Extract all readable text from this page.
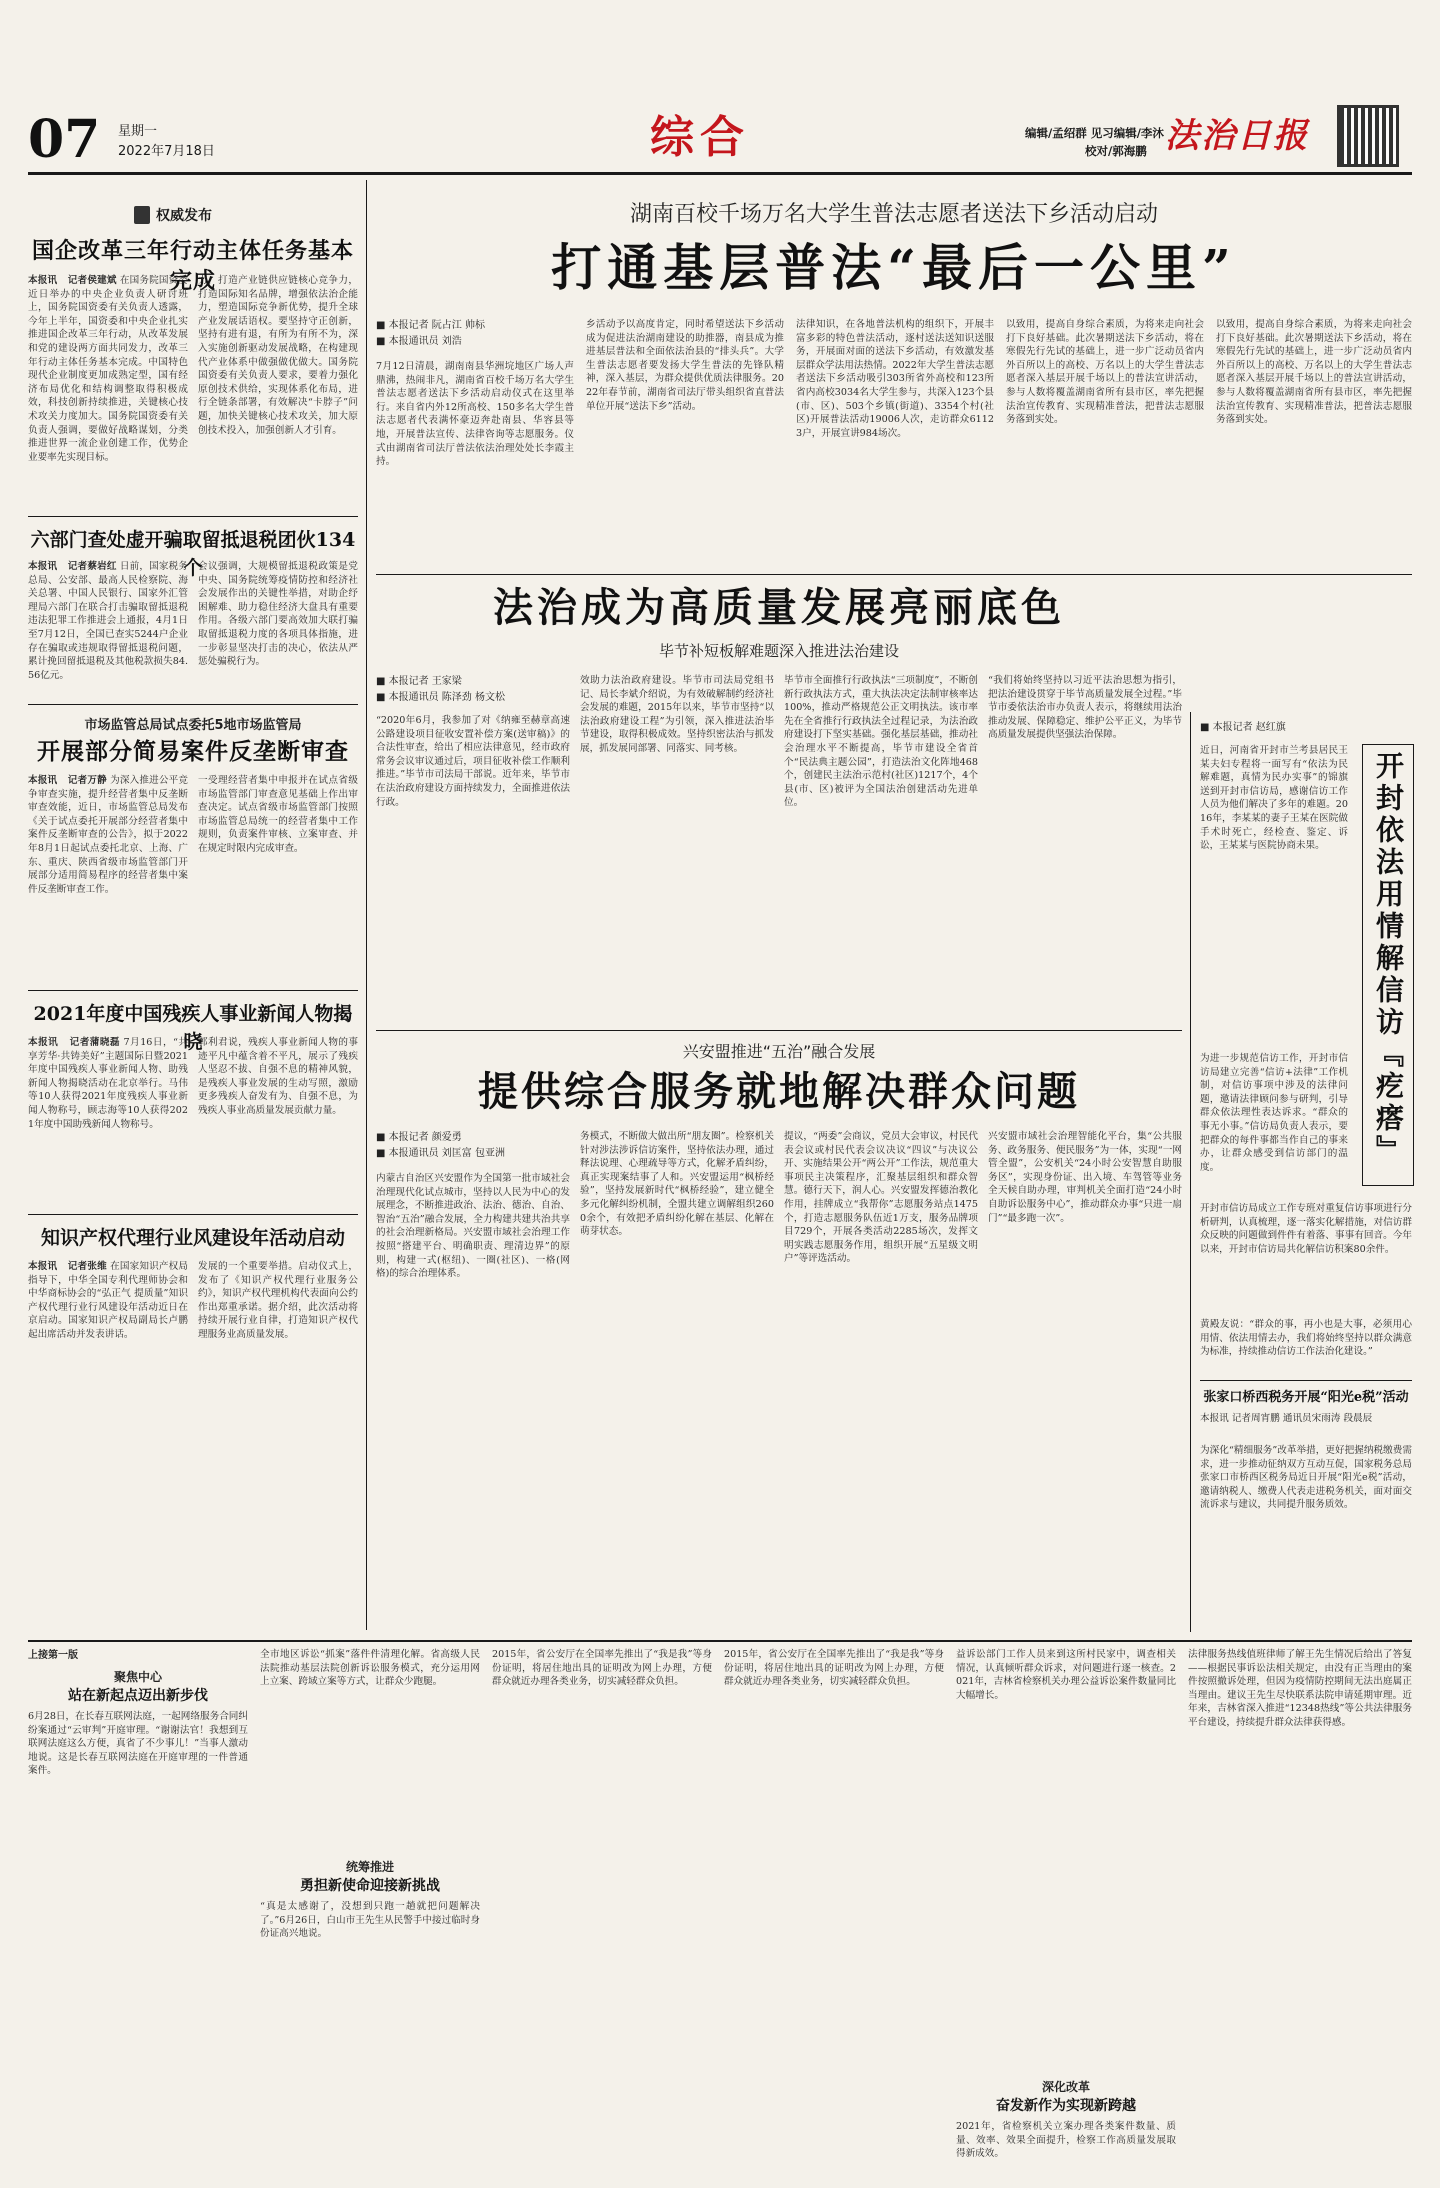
07 星期一
2022年7月18日	综合	编辑/孟绍群 见习编辑/李沐
校对/郭海鹏 法治日报
权威发布
国企改革三年行动主体任务基本完成
本报讯   记者侯建斌 在国务院国资委近日举办的中央企业负责人研讨班上，国务院国资委有关负责人透露，今年上半年，国资委和中央企业扎实推进国企改革三年行动，从改革发展和党的建设两方面共同发力，改革三年行动主体任务基本完成。中国特色现代企业制度更加成熟定型，国有经济布局优化和结构调整取得积极成效，科技创新持续推进，关键核心技术攻关力度加大。国务院国资委有关负责人强调，要做好战略谋划，分类推进世界一流企业创建工作，优势企业要率先实现目标。
力，打造产业链供应链核心竞争力，打造国际知名品牌，增强依法治企能力，塑造国际竞争新优势，提升全球产业发展话语权。要坚持守正创新，坚持有进有退，有所为有所不为，深入实施创新驱动发展战略，在构建现代产业体系中做强做优做大。国务院国资委有关负责人要求，要着力强化原创技术供给，实现体系化布局，进行全链条部署，有效解决“卡脖子”问题，加快关键核心技术攻关，加大原创技术投入，加强创新人才引育。
六部门查处虚开骗取留抵退税团伙134个
本报讯   记者蔡岩红 日前，国家税务总局、公安部、最高人民检察院、海关总署、中国人民银行、国家外汇管理局六部门在联合打击骗取留抵退税违法犯罪工作推进会上通报，4月1日至7月12日，全国已查实5244户企业存在骗取或违规取得留抵退税问题，累计挽回留抵退税及其他税款损失84.56亿元。
会议强调，大规模留抵退税政策是党中央、国务院统筹疫情防控和经济社会发展作出的关键性举措，对助企纾困解难、助力稳住经济大盘具有重要作用。各级六部门要高效加大联打骗取留抵退税力度的各项具体指施，进一步彰显坚决打击的决心，依法从严惩处骗税行为。
市场监管总局试点委托5地市场监管局
开展部分简易案件反垄断审查
本报讯   记者万静 为深入推进公平竞争审查实施，提升经营者集中反垄断审查效能，近日，市场监管总局发布《关于试点委托开展部分经营者集中案件反垄断审查的公告》，拟于2022年8月1日起试点委托北京、上海、广东、重庆、陕西省级市场监管部门开展部分适用简易程序的经营者集中案件反垄断审查工作。
一受理经营者集中申报并在试点省级市场监管部门审查意见基础上作出审查决定。试点省级市场监管部门按照市场监管总局统一的经营者集中工作规则，负责案件审核、立案审查、并在规定时限内完成审查。
2021年度中国残疾人事业新闻人物揭晓
本报讯   记者蒲晓磊 7月16日，“共享芳华·共铸美好”主题国际日暨2021年度中国残疾人事业新闻人物、助残新闻人物揭晓活动在北京举行。马伟等10人获得2021年度残疾人事业新闻人物称号，顾志海等10人获得2021年度中国助残新闻人物称号。
郭利君说，残疾人事业新闻人物的事迹平凡中蕴含着不平凡，展示了残疾人坚忍不拔、自强不息的精神风貌，是残疾人事业发展的生动写照，激励更多残疾人奋发有为、自强不息，为残疾人事业高质量发展贡献力量。
知识产权代理行业风建设年活动启动
本报讯   记者张维 在国家知识产权局指导下，中华全国专利代理师协会和中华商标协会的“弘正气 提质量”知识产权代理行业行风建设年活动近日在京启动。国家知识产权局副局长卢鹏起出席活动并发表讲话。
发展的一个重要举措。启动仪式上，发布了《知识产权代理行业服务公约》，知识产权代理机构代表面向公约作出郑重承诺。据介绍，此次活动将持续开展行业自律，打造知识产权代理服务业高质量发展。
湖南百校千场万名大学生普法志愿者送法下乡活动启动
打通基层普法“最后一公里”
■ 本报记者 阮占江 帅标
■ 本报通讯员 刘浩
7月12日清晨，湖南南县华洲垸地区广场人声鼎沸，热闹非凡，湖南省百校千场万名大学生普法志愿者送法下乡活动启动仪式在这里举行。来自省内外12所高校、150多名大学生普法志愿者代表满怀豪迈奔赴南县、华容县等地，开展普法宣传、法律咨询等志愿服务。仪式由湖南省司法厅普法依法治理处处长李霞主持。
乡活动予以高度肯定，同时希望送法下乡活动成为促进法治湖南建设的助推器，南县成为推进基层普法和全面依法治县的“排头兵”。大学生普法志愿者要发扬大学生普法的先锋队精神，深入基层，为群众提供优质法律服务。2022年春节前，湖南省司法厅带头组织省直普法单位开展“送法下乡”活动。
法律知识，在各地普法机构的组织下，开展丰富多彩的特色普法活动，逐村送法送知识送服务，开展面对面的送法下乡活动，有效激发基层群众学法用法热情。2022年大学生普法志愿者送法下乡活动吸引303所省外高校和123所省内高校3034名大学生参与，共深入123个县(市、区)、503个乡镇(街道)、3354个村(社区)开展普法活动19006人次，走访群众61123户，开展宣讲984场次。
以致用，提高自身综合素质，为将来走向社会打下良好基础。此次暑期送法下乡活动，将在寒假先行先试的基础上，进一步广泛动员省内外百所以上的高校、万名以上的大学生普法志愿者深入基层开展千场以上的普法宣讲活动，参与人数将覆盖湖南省所有县市区，率先把握法治宣传教育、实现精准普法，把普法志愿服务落到实处。
以致用，提高自身综合素质，为将来走向社会打下良好基础。此次暑期送法下乡活动，将在寒假先行先试的基础上，进一步广泛动员省内外百所以上的高校、万名以上的大学生普法志愿者深入基层开展千场以上的普法宣讲活动，参与人数将覆盖湖南省所有县市区，率先把握法治宣传教育、实现精准普法，把普法志愿服务落到实处。
法治成为高质量发展亮丽底色
毕节补短板解难题深入推进法治建设
■ 本报记者 王家梁
■ 本报通讯员 陈泽劲 杨文松
“2020年6月，我参加了对《纳雍至赫章高速公路建设项目征收安置补偿方案(送审稿)》的合法性审查，给出了相应法律意见，经市政府常务会议审议通过后，项目征收补偿工作顺利推进。”毕节市司法局干部说。近年来，毕节市在法治政府建设方面持续发力，全面推进依法行政。
效助力法治政府建设。毕节市司法局党组书记、局长李斌介绍说，为有效破解制约经济社会发展的难题，2015年以来，毕节市坚持“以法治政府建设工程”为引领，深入推进法治毕节建设，取得积极成效。坚持织密法治与抓发展，抓发展同部署、同落实、同考核。
毕节市全面推行行政执法“三项制度”，不断创新行政执法方式，重大执法决定法制审核率达100%，推动严格规范公正文明执法。该市率先在全省推行行政执法全过程记录，为法治政府建设打下坚实基础。强化基层基础，推动社会治理水平不断提高，毕节市建设全省首个“民法典主题公园”，打造法治文化阵地468个，创建民主法治示范村(社区)1217个，4个县(市、区)被评为全国法治创建活动先进单位。
“我们将始终坚持以习近平法治思想为指引，把法治建设贯穿于毕节高质量发展全过程。”毕节市委依法治市办负责人表示，将继续用法治推动发展、保障稳定、维护公平正义，为毕节高质量发展提供坚强法治保障。
兴安盟推进“五治”融合发展
提供综合服务就地解决群众问题
■ 本报记者 颜爱勇
■ 本报通讯员 刘匡富 包亚洲
内蒙古自治区兴安盟作为全国第一批市域社会治理现代化试点城市，坚持以人民为中心的发展理念，不断推进政治、法治、德治、自治、智治“五治”融合发展，全力构建共建共治共享的社会治理新格局。兴安盟市域社会治理工作按照“搭建平台、明确职责、理清边界”的原则，构建一式(枢纽)、一圈(社区)、一格(网格)的综合治理体系。
务模式，不断做大做出所“朋友圈”。检察机关针对涉法涉诉信访案件，坚持依法办理，通过释法说理、心理疏导等方式，化解矛盾纠纷，真正实现案结事了人和。兴安盟运用“枫桥经验”，坚持发展新时代“枫桥经验”，建立健全多元化解纠纷机制，全盟共建立调解组织2600余个，有效把矛盾纠纷化解在基层、化解在萌芽状态。
提议，“两委”会商议，党员大会审议，村民代表会议或村民代表会议决议“四议”与决议公开、实施结果公开“两公开”工作法，规范重大事项民主决策程序，汇聚基层组织和群众智慧。德行天下，润人心。兴安盟发挥德治教化作用，挂牌成立“我帮你”志愿服务站点1475个，打造志愿服务队伍近1万支，服务品牌项目729个，开展各类活动2285场次，发挥文明实践志愿服务作用，组织开展“五星级文明户”等评选活动。
兴安盟市域社会治理智能化平台，集“公共服务、政务服务、便民服务”为一体，实现“一网管全盟”，公安机关“24小时公安智慧自助服务区”，实现身份证、出入境、车驾管等业务全天候自助办理，审判机关全面打造“24小时自助诉讼服务中心”，推动群众办事“只进一扇门”“最多跑一次”。
■ 本报记者 赵红旗
近日，河南省开封市兰考县居民王某夫妇专程将一面写有“依法为民解难题，真情为民办实事”的锦旗送到开封市信访局，感谢信访工作人员为他们解决了多年的难题。2016年，李某某的妻子王某在医院做手术时死亡，经检查、鉴定、诉讼，王某某与医院协商未果。	开封依法用情解信访『疙瘩』
为进一步规范信访工作，开封市信访局建立完善“信访+法律”工作机制，对信访事项中涉及的法律问题，邀请法律顾问参与研判，引导群众依法理性表达诉求。“群众的事无小事。”信访局负责人表示，要把群众的每件事都当作自己的事来办，让群众感受到信访部门的温度。
开封市信访局成立工作专班对重复信访事项进行分析研判，认真梳理，逐一落实化解措施，对信访群众反映的问题做到件件有着落、事事有回音。今年以来，开封市信访局共化解信访积案80余件。
黄殿友说：“群众的事，再小也是大事，必须用心用情、依法用情去办，我们将始终坚持以群众满意为标准，持续推动信访工作法治化建设。”
张家口桥西税务开展“阳光e税”活动
本报讯 记者周宵鹏 通讯员宋雨涛 段晨辰
为深化“精细服务”改革举措，更好把握纳税缴费需求，进一步推动征纳双方互动互促，国家税务总局张家口市桥西区税务局近日开展“阳光e税”活动，邀请纳税人、缴费人代表走进税务机关，面对面交流诉求与建议，共同提升服务质效。
上接第一版
聚焦中心
站在新起点迈出新步伐
6月28日，在长春互联网法庭，一起网络服务合同纠纷案通过“云审判”开庭审理。“谢谢法官！我想到互联网法庭这么方便，真省了不少事儿！”当事人激动地说。这是长春互联网法庭在开庭审理的一件普通案件。
全市地区诉讼“抓案”落件件清理化解。省高级人民法院推动基层法院创新诉讼服务模式，充分运用网上立案、跨域立案等方式，让群众少跑腿。
统筹推进
勇担新使命迎接新挑战
“真是太感谢了，没想到只跑一趟就把问题解决了。”6月26日，白山市王先生从民警手中接过临时身份证高兴地说。
2015年，省公安厅在全国率先推出了“我是我”等身份证明，将居住地出具的证明改为网上办理，方便群众就近办理各类业务，切实减轻群众负担。
2015年，省公安厅在全国率先推出了“我是我”等身份证明，将居住地出具的证明改为网上办理，方便群众就近办理各类业务，切实减轻群众负担。
益诉讼部门工作人员来到这所村民家中，调查相关情况，认真倾听群众诉求，对问题进行逐一核查。2021年，吉林省检察机关办理公益诉讼案件数量同比大幅增长。
深化改革
奋发新作为实现新跨越
2021年，省检察机关立案办理各类案件数量、质量、效率、效果全面提升，检察工作高质量发展取得新成效。
法律服务热线值班律师了解王先生情况后给出了答复——根据民事诉讼法相关规定，由没有正当理由的案件按照撤诉处理，但因为疫情防控期间无法出庭属正当理由。建议王先生尽快联系法院申请延期审理。近年来，吉林省深入推进“12348热线”等公共法律服务平台建设，持续提升群众法律获得感。
